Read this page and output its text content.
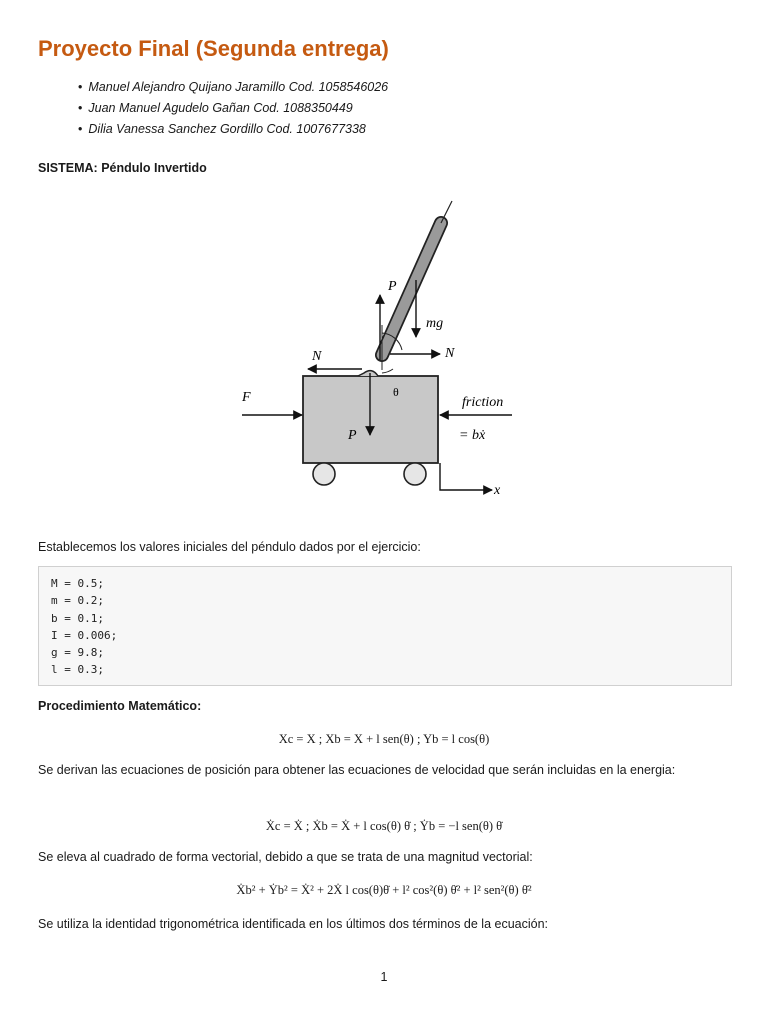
Proyecto Final (Segunda entrega)
• Manuel Alejandro Quijano Jaramillo Cod. 1058546026
• Juan Manuel Agudelo Gañan Cod. 1088350449
• Dilia Vanessa Sanchez Gordillo Cod. 1007677338

SISTEMA: Péndulo Invertido

P
mg
N
N
θ
P
F	friction
= bẋ
x

Establecemos los valores iniciales del péndulo dados por el ejercicio:

M = 0.5;
m = 0.2;
b = 0.1;
I = 0.006;
g = 9.8;
l = 0.3;

Procedimiento Matemático:

Xc = X ; Xb = X + l sen(θ) ; Yb = l cos(θ)

Se derivan las ecuaciones de posición para obtener las ecuaciones de velocidad que serán incluidas en la energia:

Ẋc = Ẋ ; Ẋb = Ẋ + l cos(θ) θ̇ ; Ẏb = −l sen(θ) θ̇

Se eleva al cuadrado de forma vectorial, debido a que se trata de una magnitud vectorial:

Ẋb² + Ẏb² = Ẋ² + 2Ẋ l cos(θ)θ̇ + l² cos²(θ) θ̇² + l² sen²(θ) θ̇²

Se utiliza la identidad trigonométrica identificada en los últimos dos términos de la ecuación:

1
